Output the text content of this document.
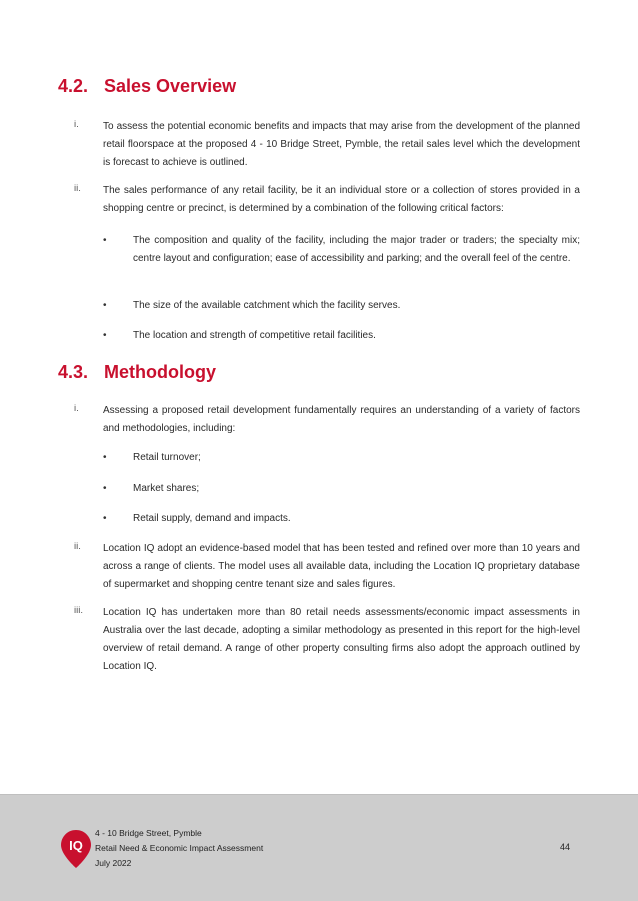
4.2. Sales Overview
i.	To assess the potential economic benefits and impacts that may arise from the development of the planned retail floorspace at the proposed 4 - 10 Bridge Street, Pymble, the retail sales level which the development is forecast to achieve is outlined.
ii.	The sales performance of any retail facility, be it an individual store or a collection of stores provided in a shopping centre or precinct, is determined by a combination of the following critical factors:
•	The composition and quality of the facility, including the major trader or traders; the specialty mix; centre layout and configuration; ease of accessibility and parking; and the overall feel of the centre.
•	The size of the available catchment which the facility serves.
•	The location and strength of competitive retail facilities.
4.3. Methodology
i.	Assessing a proposed retail development fundamentally requires an understanding of a variety of factors and methodologies, including:
•	Retail turnover;
•	Market shares;
•	Retail supply, demand and impacts.
ii.	Location IQ adopt an evidence-based model that has been tested and refined over more than 10 years and across a range of clients. The model uses all available data, including the Location IQ proprietary database of supermarket and shopping centre tenant size and sales figures.
iii.	Location IQ has undertaken more than 80 retail needs assessments/economic impact assessments in Australia over the last decade, adopting a similar methodology as presented in this report for the high-level overview of retail demand. A range of other property consulting firms also adopt the approach outlined by Location IQ.
IQ
4 - 10 Bridge Street, Pymble
Retail Need & Economic Impact Assessment
July 2022
44
